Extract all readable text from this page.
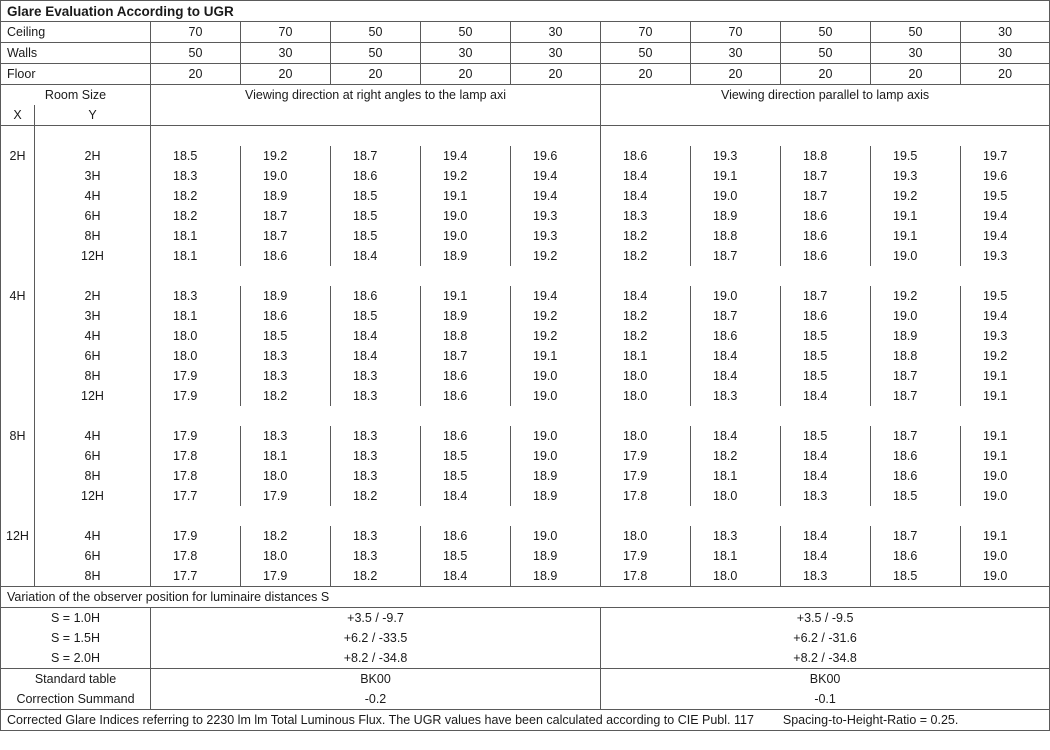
Glare Evaluation According to UGR											
Ceiling		70	70	50	50	30	70	70	50	50	30
Walls		50	30	50	30	30	50	30	50	30	30
Floor		20	20	20	20	20	20	20	20	20	20
Room Size		Viewing direction at right angles to the lamp axi					Viewing direction parallel to lamp axis				
X	Y										

2H	2H	18.5	19.2	18.7	19.4	19.6	18.6	19.3	18.8	19.5	19.7
	3H	18.3	19.0	18.6	19.2	19.4	18.4	19.1	18.7	19.3	19.6
	4H	18.2	18.9	18.5	19.1	19.4	18.4	19.0	18.7	19.2	19.5
	6H	18.2	18.7	18.5	19.0	19.3	18.3	18.9	18.6	19.1	19.4
	8H	18.1	18.7	18.5	19.0	19.3	18.2	18.8	18.6	19.1	19.4
	12H	18.1	18.6	18.4	18.9	19.2	18.2	18.7	18.6	19.0	19.3

4H	2H	18.3	18.9	18.6	19.1	19.4	18.4	19.0	18.7	19.2	19.5
	3H	18.1	18.6	18.5	18.9	19.2	18.2	18.7	18.6	19.0	19.4
	4H	18.0	18.5	18.4	18.8	19.2	18.2	18.6	18.5	18.9	19.3
	6H	18.0	18.3	18.4	18.7	19.1	18.1	18.4	18.5	18.8	19.2
	8H	17.9	18.3	18.3	18.6	19.0	18.0	18.4	18.5	18.7	19.1
	12H	17.9	18.2	18.3	18.6	19.0	18.0	18.3	18.4	18.7	19.1

8H	4H	17.9	18.3	18.3	18.6	19.0	18.0	18.4	18.5	18.7	19.1
	6H	17.8	18.1	18.3	18.5	19.0	17.9	18.2	18.4	18.6	19.1
	8H	17.8	18.0	18.3	18.5	18.9	17.9	18.1	18.4	18.6	19.0
	12H	17.7	17.9	18.2	18.4	18.9	17.8	18.0	18.3	18.5	19.0

12H	4H	17.9	18.2	18.3	18.6	19.0	18.0	18.3	18.4	18.7	19.1
	6H	17.8	18.0	18.3	18.5	18.9	17.9	18.1	18.4	18.6	19.0
	8H	17.7	17.9	18.2	18.4	18.9	17.8	18.0	18.3	18.5	19.0
Variation of the observer position for luminaire distances S											
S = 1.0H		+3.5 / -9.7					+3.5 / -9.5				
S = 1.5H		+6.2 / -33.5					+6.2 / -31.6				
S = 2.0H		+8.2 / -34.8					+8.2 / -34.8				
Standard table		BK00					BK00				
Correction Summand		-0.2					-0.1				
Corrected Glare Indices referring to 2230 lm lm Total Luminous Flux. The UGR values have been calculated according to CIE Publ. 117 Spacing-to-Height-Ratio = 0.25.											
